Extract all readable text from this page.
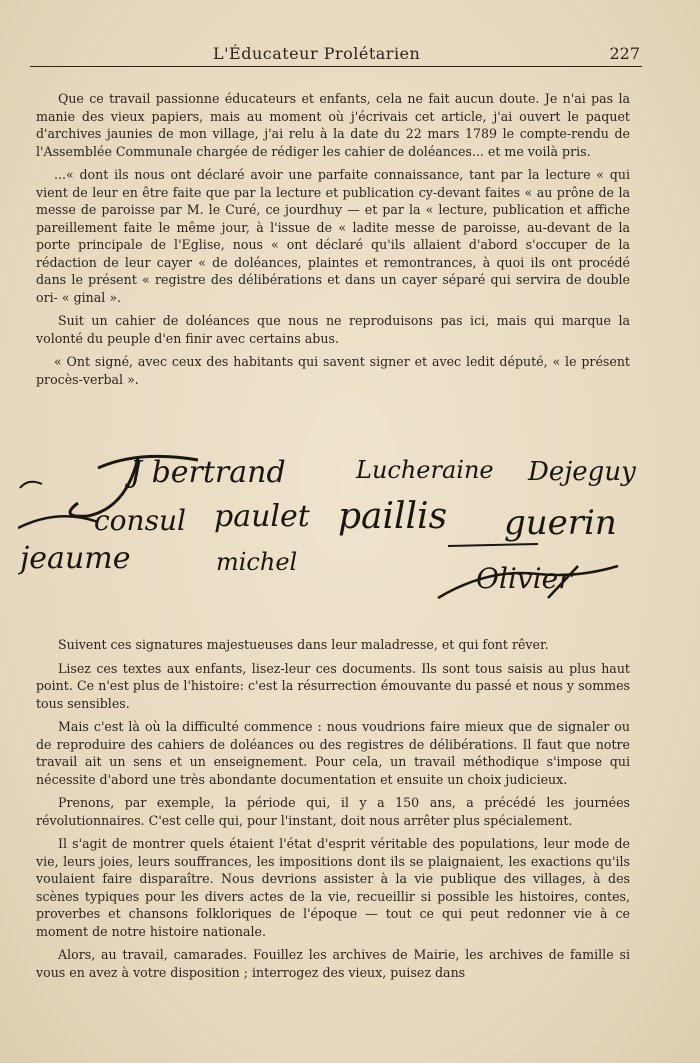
L'Éducateur Prolétarien	227

Que ce travail passionne éducateurs et enfants, cela ne fait aucun doute. Je n'ai pas la manie des vieux papiers, mais au moment où j'écrivais cet article, j'ai ouvert le paquet d'archives jaunies de mon village, j'ai relu à la date du 22 mars 1789 le compte-rendu de l'Assemblée Communale chargée de rédiger les cahier de doléances... et me voilà pris.

...« dont ils nous ont déclaré avoir une parfaite connaissance, tant par la lecture « qui vient de leur en être faite que par la lecture et publication cy-devant faites « au prône de la messe de paroisse par M. le Curé, ce jourdhuy — et par la « lecture, publication et affiche pareillement faite le même jour, à l'issue de « ladite messe de paroisse, au-devant de la porte principale de l'Eglise, nous « ont déclaré qu'ils allaient d'abord s'occuper de la rédaction de leur cayer « de doléances, plaintes et remontrances, à quoi ils ont procédé dans le présent « registre des délibérations et dans un cayer séparé qui servira de double ori- « ginal ».

Suit un cahier de doléances que nous ne reproduisons pas ici, mais qui marque la volonté du peuple d'en finir avec certains abus.

« Ont signé, avec ceux des habitants qui savent signer et avec ledit député, « le présent procès-verbal ».

J bertrand	Lucheraine Dejeguy
consul paulet paillis guerin
jeaume	michel	Olivier

Suivent ces signatures majestueuses dans leur maladresse, et qui font rêver.

Lisez ces textes aux enfants, lisez-leur ces documents. Ils sont tous saisis au plus haut point. Ce n'est plus de l'histoire: c'est la résurrection émouvante du passé et nous y sommes tous sensibles.

Mais c'est là où la difficulté commence : nous voudrions faire mieux que de signaler ou de reproduire des cahiers de doléances ou des registres de délibérations. Il faut que notre travail ait un sens et un enseignement. Pour cela, un travail méthodique s'impose qui nécessite d'abord une très abondante documentation et ensuite un choix judicieux.

Prenons, par exemple, la période qui, il y a 150 ans, a précédé les journées révolutionnaires. C'est celle qui, pour l'instant, doit nous arrêter plus spécialement.

Il s'agit de montrer quels étaient l'état d'esprit véritable des populations, leur mode de vie, leurs joies, leurs souffrances, les impositions dont ils se plaignaient, les exactions qu'ils voulaient faire disparaître. Nous devrions assister à la vie publique des villages, à des scènes typiques pour les divers actes de la vie, recueillir si possible les histoires, contes, proverbes et chansons folkloriques de l'époque — tout ce qui peut redonner vie à ce moment de notre histoire nationale.

Alors, au travail, camarades. Fouillez les archives de Mairie, les archives de famille si vous en avez à votre disposition ; interrogez des vieux, puisez dans
